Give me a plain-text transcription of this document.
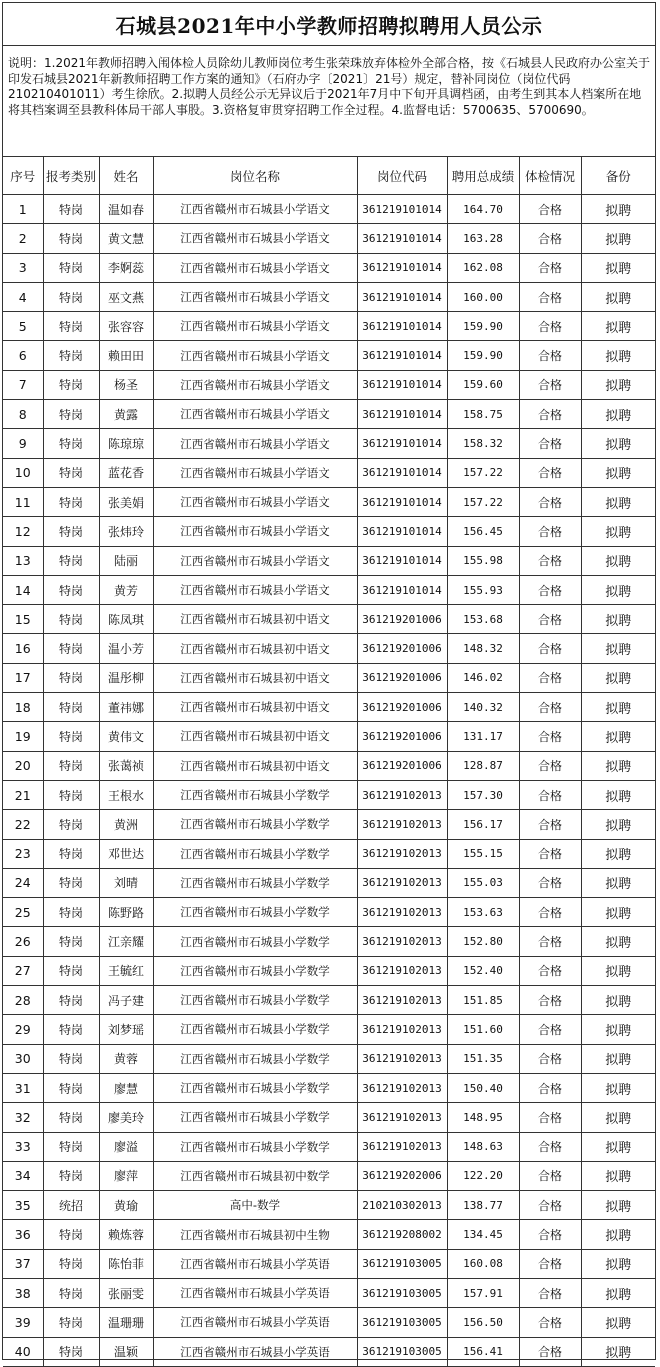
石城县2021年中小学教师招聘拟聘用人员公示
说明：1.2021年教师招聘入闱体检人员除幼儿教师岗位考生张荣珠放弃体检外全部合格，按《石城县人民政府办公室关于印发石城县2021年新教师招聘工作方案的通知》（石府办字〔2021〕21号）规定，替补同岗位（岗位代码210210401011）考生徐欣。2.拟聘人员经公示无异议后于2021年7月中下旬开具调档函，由考生到其本人档案所在地将其档案调至县教科体局干部人事股。3.资格复审贯穿招聘工作全过程。4.监督电话：5700635、5700690。
序号	报考类别	姓名	岗位名称	岗位代码	聘用总成绩	体检情况	备份
1	特岗	温如春	江西省赣州市石城县小学语文	361219101014	164.70	合格	拟聘
2	特岗	黄文慧	江西省赣州市石城县小学语文	361219101014	163.28	合格	拟聘
3	特岗	李婀蕊	江西省赣州市石城县小学语文	361219101014	162.08	合格	拟聘
4	特岗	巫文燕	江西省赣州市石城县小学语文	361219101014	160.00	合格	拟聘
5	特岗	张容容	江西省赣州市石城县小学语文	361219101014	159.90	合格	拟聘
6	特岗	赖田田	江西省赣州市石城县小学语文	361219101014	159.90	合格	拟聘
7	特岗	杨圣	江西省赣州市石城县小学语文	361219101014	159.60	合格	拟聘
8	特岗	黄露	江西省赣州市石城县小学语文	361219101014	158.75	合格	拟聘
9	特岗	陈琼琼	江西省赣州市石城县小学语文	361219101014	158.32	合格	拟聘
10	特岗	蓝花香	江西省赣州市石城县小学语文	361219101014	157.22	合格	拟聘
11	特岗	张美娟	江西省赣州市石城县小学语文	361219101014	157.22	合格	拟聘
12	特岗	张炜玲	江西省赣州市石城县小学语文	361219101014	156.45	合格	拟聘
13	特岗	陆丽	江西省赣州市石城县小学语文	361219101014	155.98	合格	拟聘
14	特岗	黄芳	江西省赣州市石城县小学语文	361219101014	155.93	合格	拟聘
15	特岗	陈凤琪	江西省赣州市石城县初中语文	361219201006	153.68	合格	拟聘
16	特岗	温小芳	江西省赣州市石城县初中语文	361219201006	148.32	合格	拟聘
17	特岗	温彤柳	江西省赣州市石城县初中语文	361219201006	146.02	合格	拟聘
18	特岗	董祎娜	江西省赣州市石城县初中语文	361219201006	140.32	合格	拟聘
19	特岗	黄伟文	江西省赣州市石城县初中语文	361219201006	131.17	合格	拟聘
20	特岗	张蔼祯	江西省赣州市石城县初中语文	361219201006	128.87	合格	拟聘
21	特岗	王根水	江西省赣州市石城县小学数学	361219102013	157.30	合格	拟聘
22	特岗	黄洲	江西省赣州市石城县小学数学	361219102013	156.17	合格	拟聘
23	特岗	邓世达	江西省赣州市石城县小学数学	361219102013	155.15	合格	拟聘
24	特岗	刘晴	江西省赣州市石城县小学数学	361219102013	155.03	合格	拟聘
25	特岗	陈野路	江西省赣州市石城县小学数学	361219102013	153.63	合格	拟聘
26	特岗	江亲耀	江西省赣州市石城县小学数学	361219102013	152.80	合格	拟聘
27	特岗	王毓红	江西省赣州市石城县小学数学	361219102013	152.40	合格	拟聘
28	特岗	冯子建	江西省赣州市石城县小学数学	361219102013	151.85	合格	拟聘
29	特岗	刘梦瑶	江西省赣州市石城县小学数学	361219102013	151.60	合格	拟聘
30	特岗	黄蓉	江西省赣州市石城县小学数学	361219102013	151.35	合格	拟聘
31	特岗	廖慧	江西省赣州市石城县小学数学	361219102013	150.40	合格	拟聘
32	特岗	廖美玲	江西省赣州市石城县小学数学	361219102013	148.95	合格	拟聘
33	特岗	廖溢	江西省赣州市石城县小学数学	361219102013	148.63	合格	拟聘
34	特岗	廖萍	江西省赣州市石城县初中数学	361219202006	122.20	合格	拟聘
35	统招	黄瑜	高中-数学	210210302013	138.77	合格	拟聘
36	特岗	赖炼蓉	江西省赣州市石城县初中生物	361219208002	134.45	合格	拟聘
37	特岗	陈怡菲	江西省赣州市石城县小学英语	361219103005	160.08	合格	拟聘
38	特岗	张丽雯	江西省赣州市石城县小学英语	361219103005	157.91	合格	拟聘
39	特岗	温珊珊	江西省赣州市石城县小学英语	361219103005	156.50	合格	拟聘
40	特岗	温颖	江西省赣州市石城县小学英语	361219103005	156.41	合格	拟聘
